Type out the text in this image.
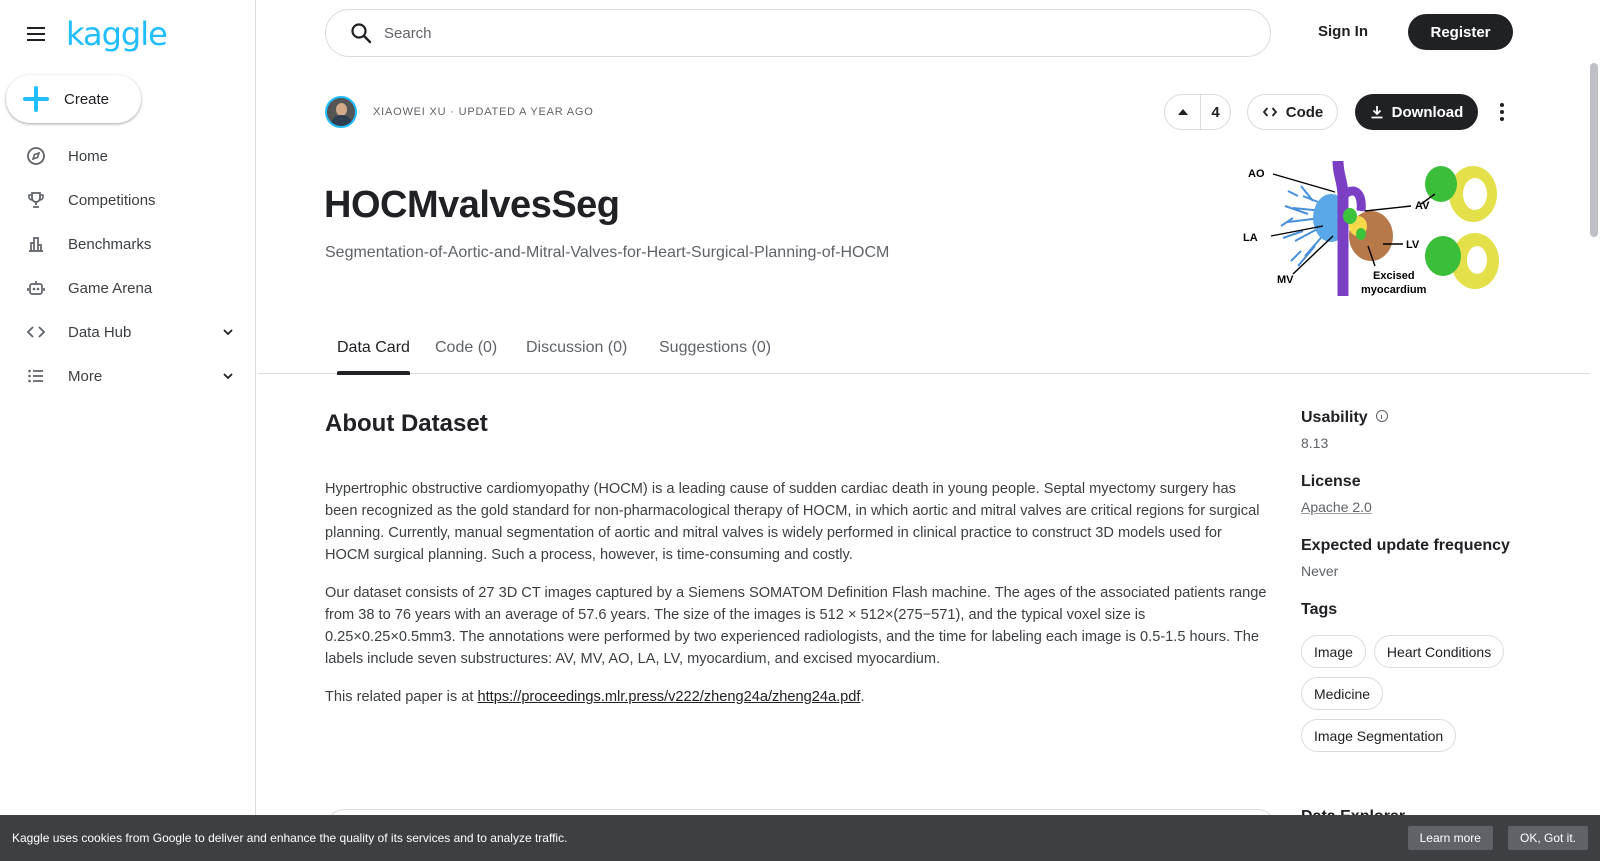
kaggle
Create
Home
Competitions
Benchmarks
Game Arena
Data Hub
More
Search
Sign In	Register
XIAOWEI XU · UPDATED A YEAR AGO	4	Code	Download
HOCMvalvesSeg
Segmentation-of-Aortic-and-Mitral-Valves-for-Heart-Surgical-Planning-of-HOCM
AO
AV
LA
LV
MV	Excised
myocardium
Data Card Code (0) Discussion (0) Suggestions (0)
About Dataset

Hypertrophic obstructive cardiomyopathy (HOCM) is a leading cause of sudden cardiac death in young people. Septal myectomy surgery has been recognized as the gold standard for non-pharmacological therapy of HOCM, in which aortic and mitral valves are critical regions for surgical planning. Currently, manual segmentation of aortic and mitral valves is widely performed in clinical practice to construct 3D models used for HOCM surgical planning. Such a process, however, is time-consuming and costly.

Our dataset consists of 27 3D CT images captured by a Siemens SOMATOM Definition Flash machine. The ages of the associated patients range from 38 to 76 years with an average of 57.6 years. The size of the images is 512 × 512×(275−571), and the typical voxel size is 0.25×0.25×0.5mm3. The annotations were performed by two experienced radiologists, and the time for labeling each image is 0.5-1.5 hours. The labels include seven substructures: AV, MV, AO, LA, LV, myocardium, and excised myocardium.

This related paper is at https://proceedings.mlr.press/v222/zheng24a/zheng24a.pdf.

Usability
8.13
License
Apache 2.0
Expected update frequency
Never
Tags
Image	Heart Conditions
Medicine
Image Segmentation
Kaggle uses cookies from Google to deliver and enhance the quality of its services and to analyze traffic.	Learn more	OK, Got it.
